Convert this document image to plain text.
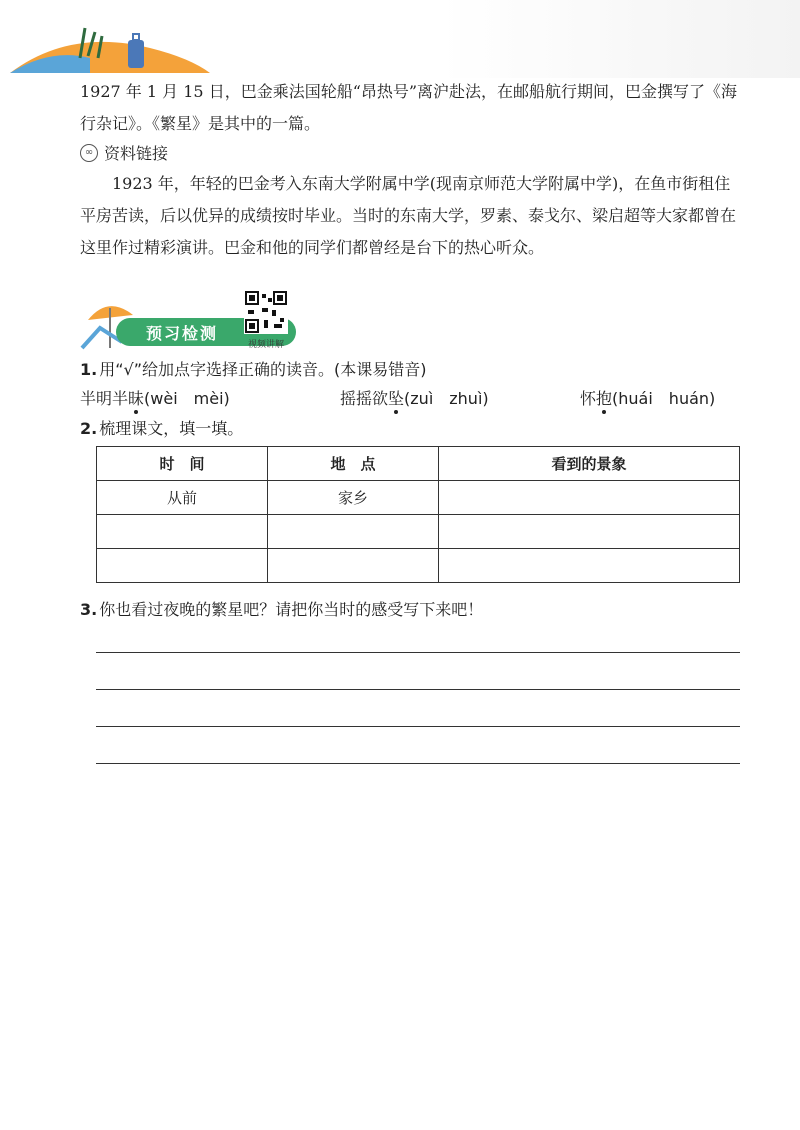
1927 年 1 月 15 日，巴金乘法国轮船“昂热号”离沪赴法，在邮船航行期间，巴金撰写了《海行杂记》。《繁星》是其中的一篇。

∞ 资料链接

1923 年，年轻的巴金考入东南大学附属中学(现南京师范大学附属中学)，在鱼市街租住平房苦读，后以优异的成绩按时毕业。当时的东南大学，罗素、泰戈尔、梁启超等大家都曾在这里作过精彩演讲。巴金和他的同学们都曾经是台下的热心听众。

预习检测
视频讲解
1. 用“√”给加点字选择正确的读音。(本课易错音)
半明半昧(wèi　mèi)	摇摇欲坠(zuì　zhuì)	怀抱(huái　huán)
2. 梳理课文，填一填。
时　间	地　点	看到的景象
从前	家乡	

3. 你也看过夜晚的繁星吧？请把你当时的感受写下来吧！
